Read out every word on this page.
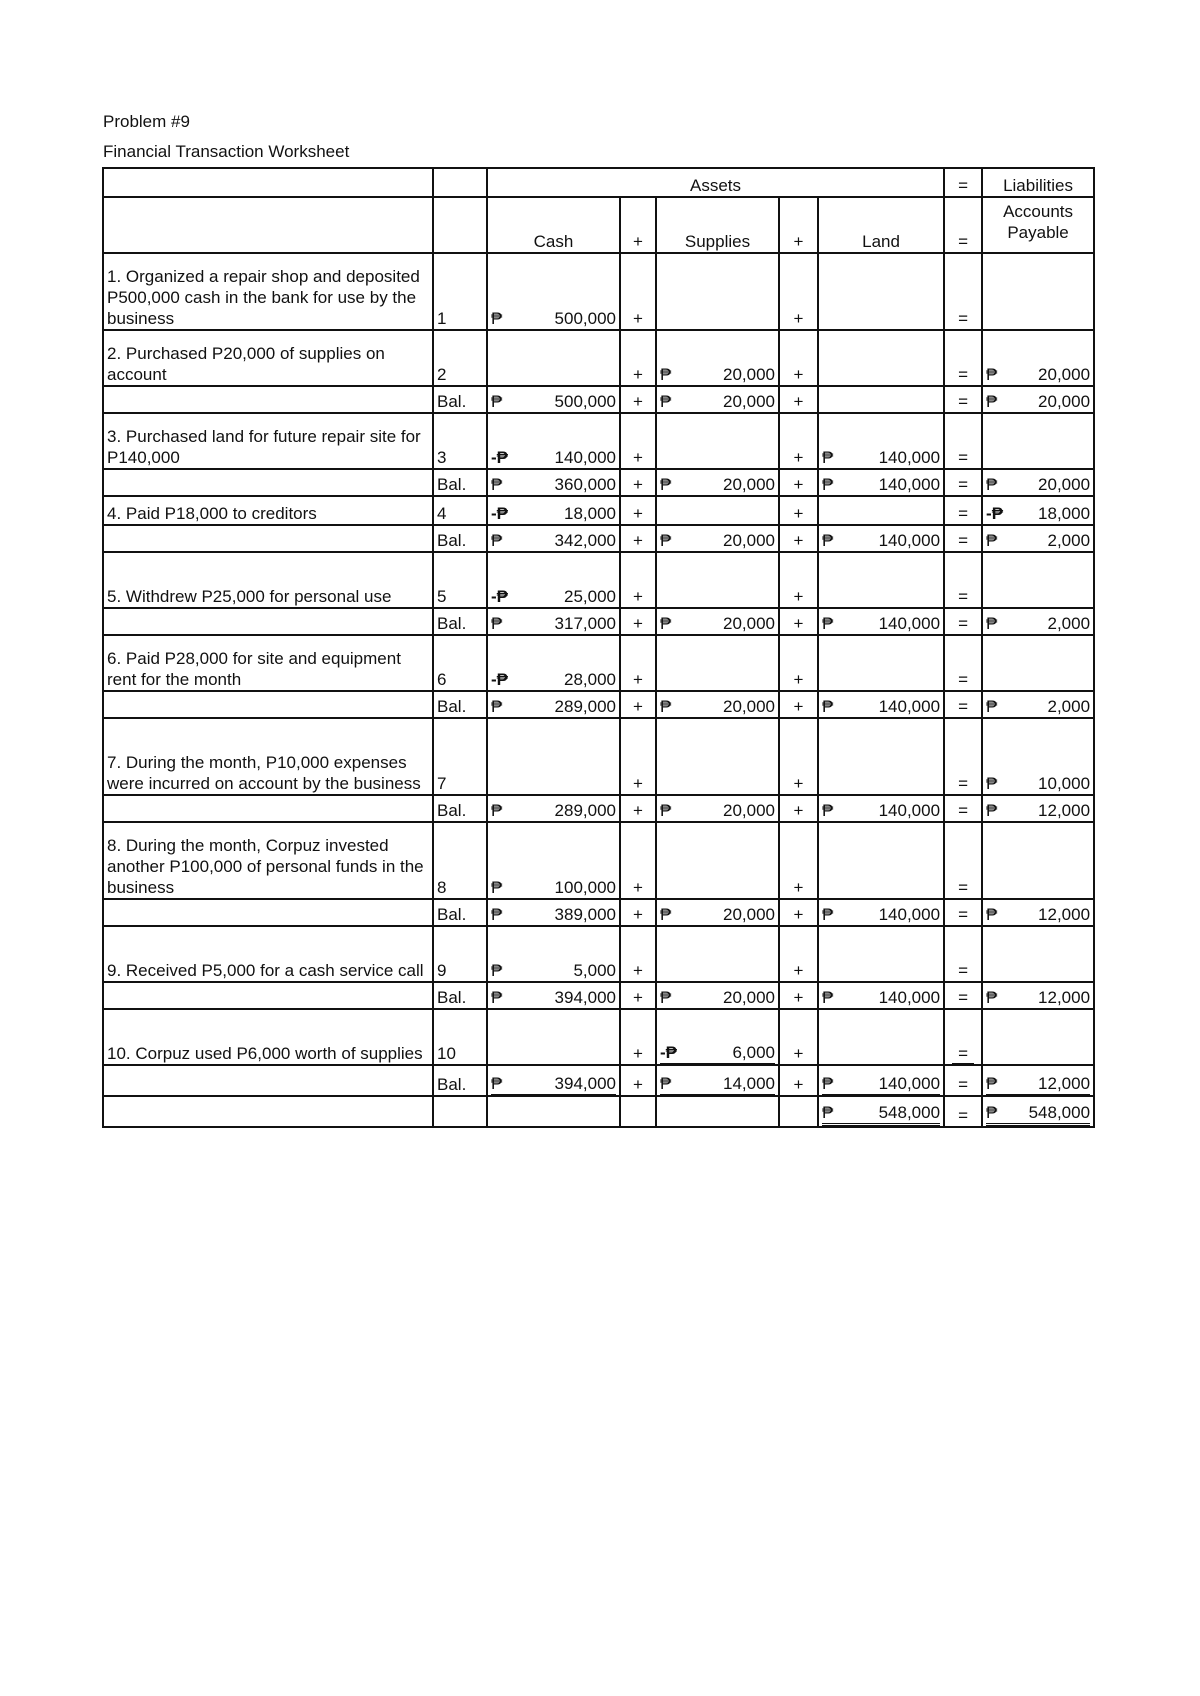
Problem #9
Financial Transaction Worksheet
		Assets					=	Liabilities
		Cash	+	Supplies	+	Land	=	Accounts Payable
1. Organized a repair shop and deposited P500,000 cash in the bank for use by the business	1	₱ 500,000	+		+		=	
2. Purchased P20,000 of supplies on account	2		+	₱ 20,000	+		=	₱ 20,000

	Bal.	₱ 500,000	+	₱ 20,000	+		=	₱ 20,000

3. Purchased land for future repair site for P140,000	3	-₱ 140,000	+		+	₱ 140,000	=	
	Bal.	₱ 360,000	+	₱ 20,000	+	₱ 140,000	=	₱ 20,000

4. Paid P18,000 to creditors	4	-₱ 18,000	+		+		=	-₱ 18,000

	Bal.	₱ 342,000	+	₱ 20,000	+	₱ 140,000	=	₱ 2,000

5. Withdrew P25,000 for personal use	5	-₱ 25,000	+		+		=	
	Bal.	₱ 317,000	+	₱ 20,000	+	₱ 140,000	=	₱ 2,000

6. Paid P28,000 for site and equipment rent for the month	6	-₱ 28,000	+		+		=	
	Bal.	₱ 289,000	+	₱ 20,000	+	₱ 140,000	=	₱ 2,000

7. During the month, P10,000 expenses were incurred on account by the business	7		+		+		=	₱ 10,000

	Bal.	₱ 289,000	+	₱ 20,000	+	₱ 140,000	=	₱ 12,000

8. During the month, Corpuz invested another P100,000 of personal funds in the business	8	₱ 100,000	+		+		=	
	Bal.	₱ 389,000	+	₱ 20,000	+	₱ 140,000	=	₱ 12,000

9. Received P5,000 for a cash service call	9	₱ 5,000	+		+		=	
	Bal.	₱ 394,000	+	₱ 20,000	+	₱ 140,000	=	₱ 12,000

10. Corpuz used P6,000 worth of supplies	10		+	-₱ 6,000	+		=	
	Bal.	₱ 394,000	+	₱ 14,000	+	₱ 140,000	=	₱ 12,000

						₱ 548,000	=	₱ 548,000
